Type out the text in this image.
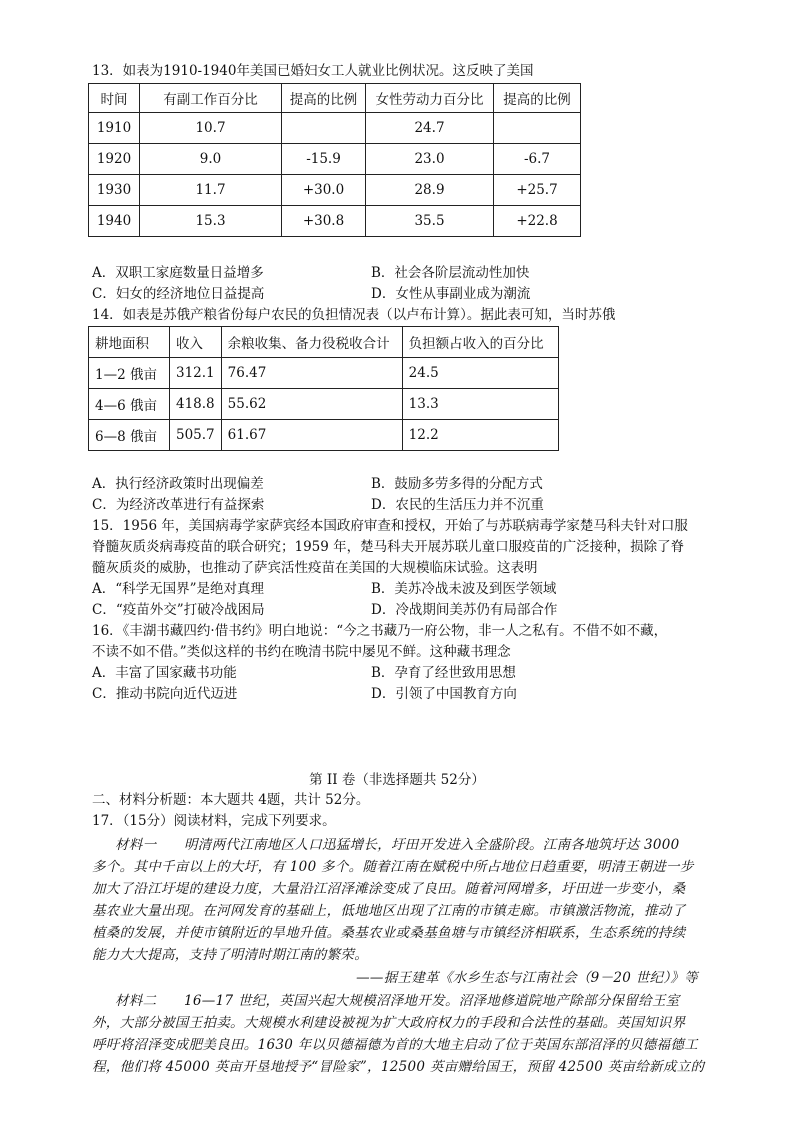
13．如表为1910-1940年美国已婚妇女工人就业比例状况。这反映了美国
时间	有副工作百分比	提高的比例	女性劳动力百分比	提高的比例
1910	10.7		24.7	
1920	9.0	-15.9	23.0	-6.7
1930	11.7	+30.0	28.9	+25.7
1940	15.3	+30.8	35.5	+22.8
A．双职工家庭数量日益增多	B．社会各阶层流动性加快
C．妇女的经济地位日益提高	D．女性从事副业成为潮流
14．如表是苏俄产粮省份每户农民的负担情况表（以卢布计算）。据此表可知，当时苏俄
耕地面积	收入	余粮收集、备力役税收合计	负担额占收入的百分比
1—2 俄亩	312.1	76.47	24.5
4—6 俄亩	418.8	55.62	13.3
6—8 俄亩	505.7	61.67	12.2
A．执行经济政策时出现偏差	B．鼓励多劳多得的分配方式
C．为经济改革进行有益探索	D．农民的生活压力并不沉重
15．1956 年，美国病毒学家萨宾经本国政府审查和授权，开始了与苏联病毒学家楚马科夫针对口服
脊髓灰质炎病毒疫苗的联合研究；1959 年，楚马科夫开展苏联儿童口服疫苗的广泛接种，损除了脊
髓灰质炎的威胁，也推动了萨宾活性疫苗在美国的大规模临床试验。这表明
A．“科学无国界”是绝对真理	B．美苏冷战未波及到医学领域
C．“疫苗外交”打破冷战困局	D．冷战期间美苏仍有局部合作
16．《丰湖书藏四约·借书约》明白地说：“今之书藏乃一府公物，非一人之私有。不借不如不藏，
不读不如不借。”类似这样的书约在晚清书院中屡见不鲜。这种藏书理念
A．丰富了国家藏书功能	B．孕育了经世致用思想
C．推动书院向近代迈进	D．引领了中国教育方向
第 II 卷（非选择题共 52分）
二、材料分析题：本大题共 4题，共计 52分。
17．（15分）阅读材料，完成下列要求。
材料一　　明清两代江南地区人口迅猛增长，圩田开发进入全盛阶段。江南各地筑圩达 3000
多个。其中千亩以上的大圩，有 100 多个。随着江南在赋税中所占地位日趋重要，明清王朝进一步
加大了沿江圩堤的建设力度，大量沿江沼泽滩涂变成了良田。随着河网增多，圩田进一步变小，桑
基农业大量出现。在河网发育的基础上，低地地区出现了江南的市镇走廊。市镇激活物流，推动了
植桑的发展，并使市镇附近的旱地升值。桑基农业或桑基鱼塘与市镇经济相联系，生态系统的持续
能力大大提高，支持了明清时期江南的繁荣。
——据王建革《水乡生态与江南社会（9－20 世纪）》等
材料二　　16—17 世纪，英国兴起大规模沼泽地开发。沼泽地修道院地产除部分保留给王室
外，大部分被国王拍卖。大规模水利建设被视为扩大政府权力的手段和合法性的基础。英国知识界
呼吁将沼泽变成肥美良田。1630 年以贝德福德为首的大地主启动了位于英国东部沼泽的贝德福德工
程，他们将 45000 英亩开垦地授予“冒险家”，12500 英亩赠给国王，预留 42500 英亩给新成立的
